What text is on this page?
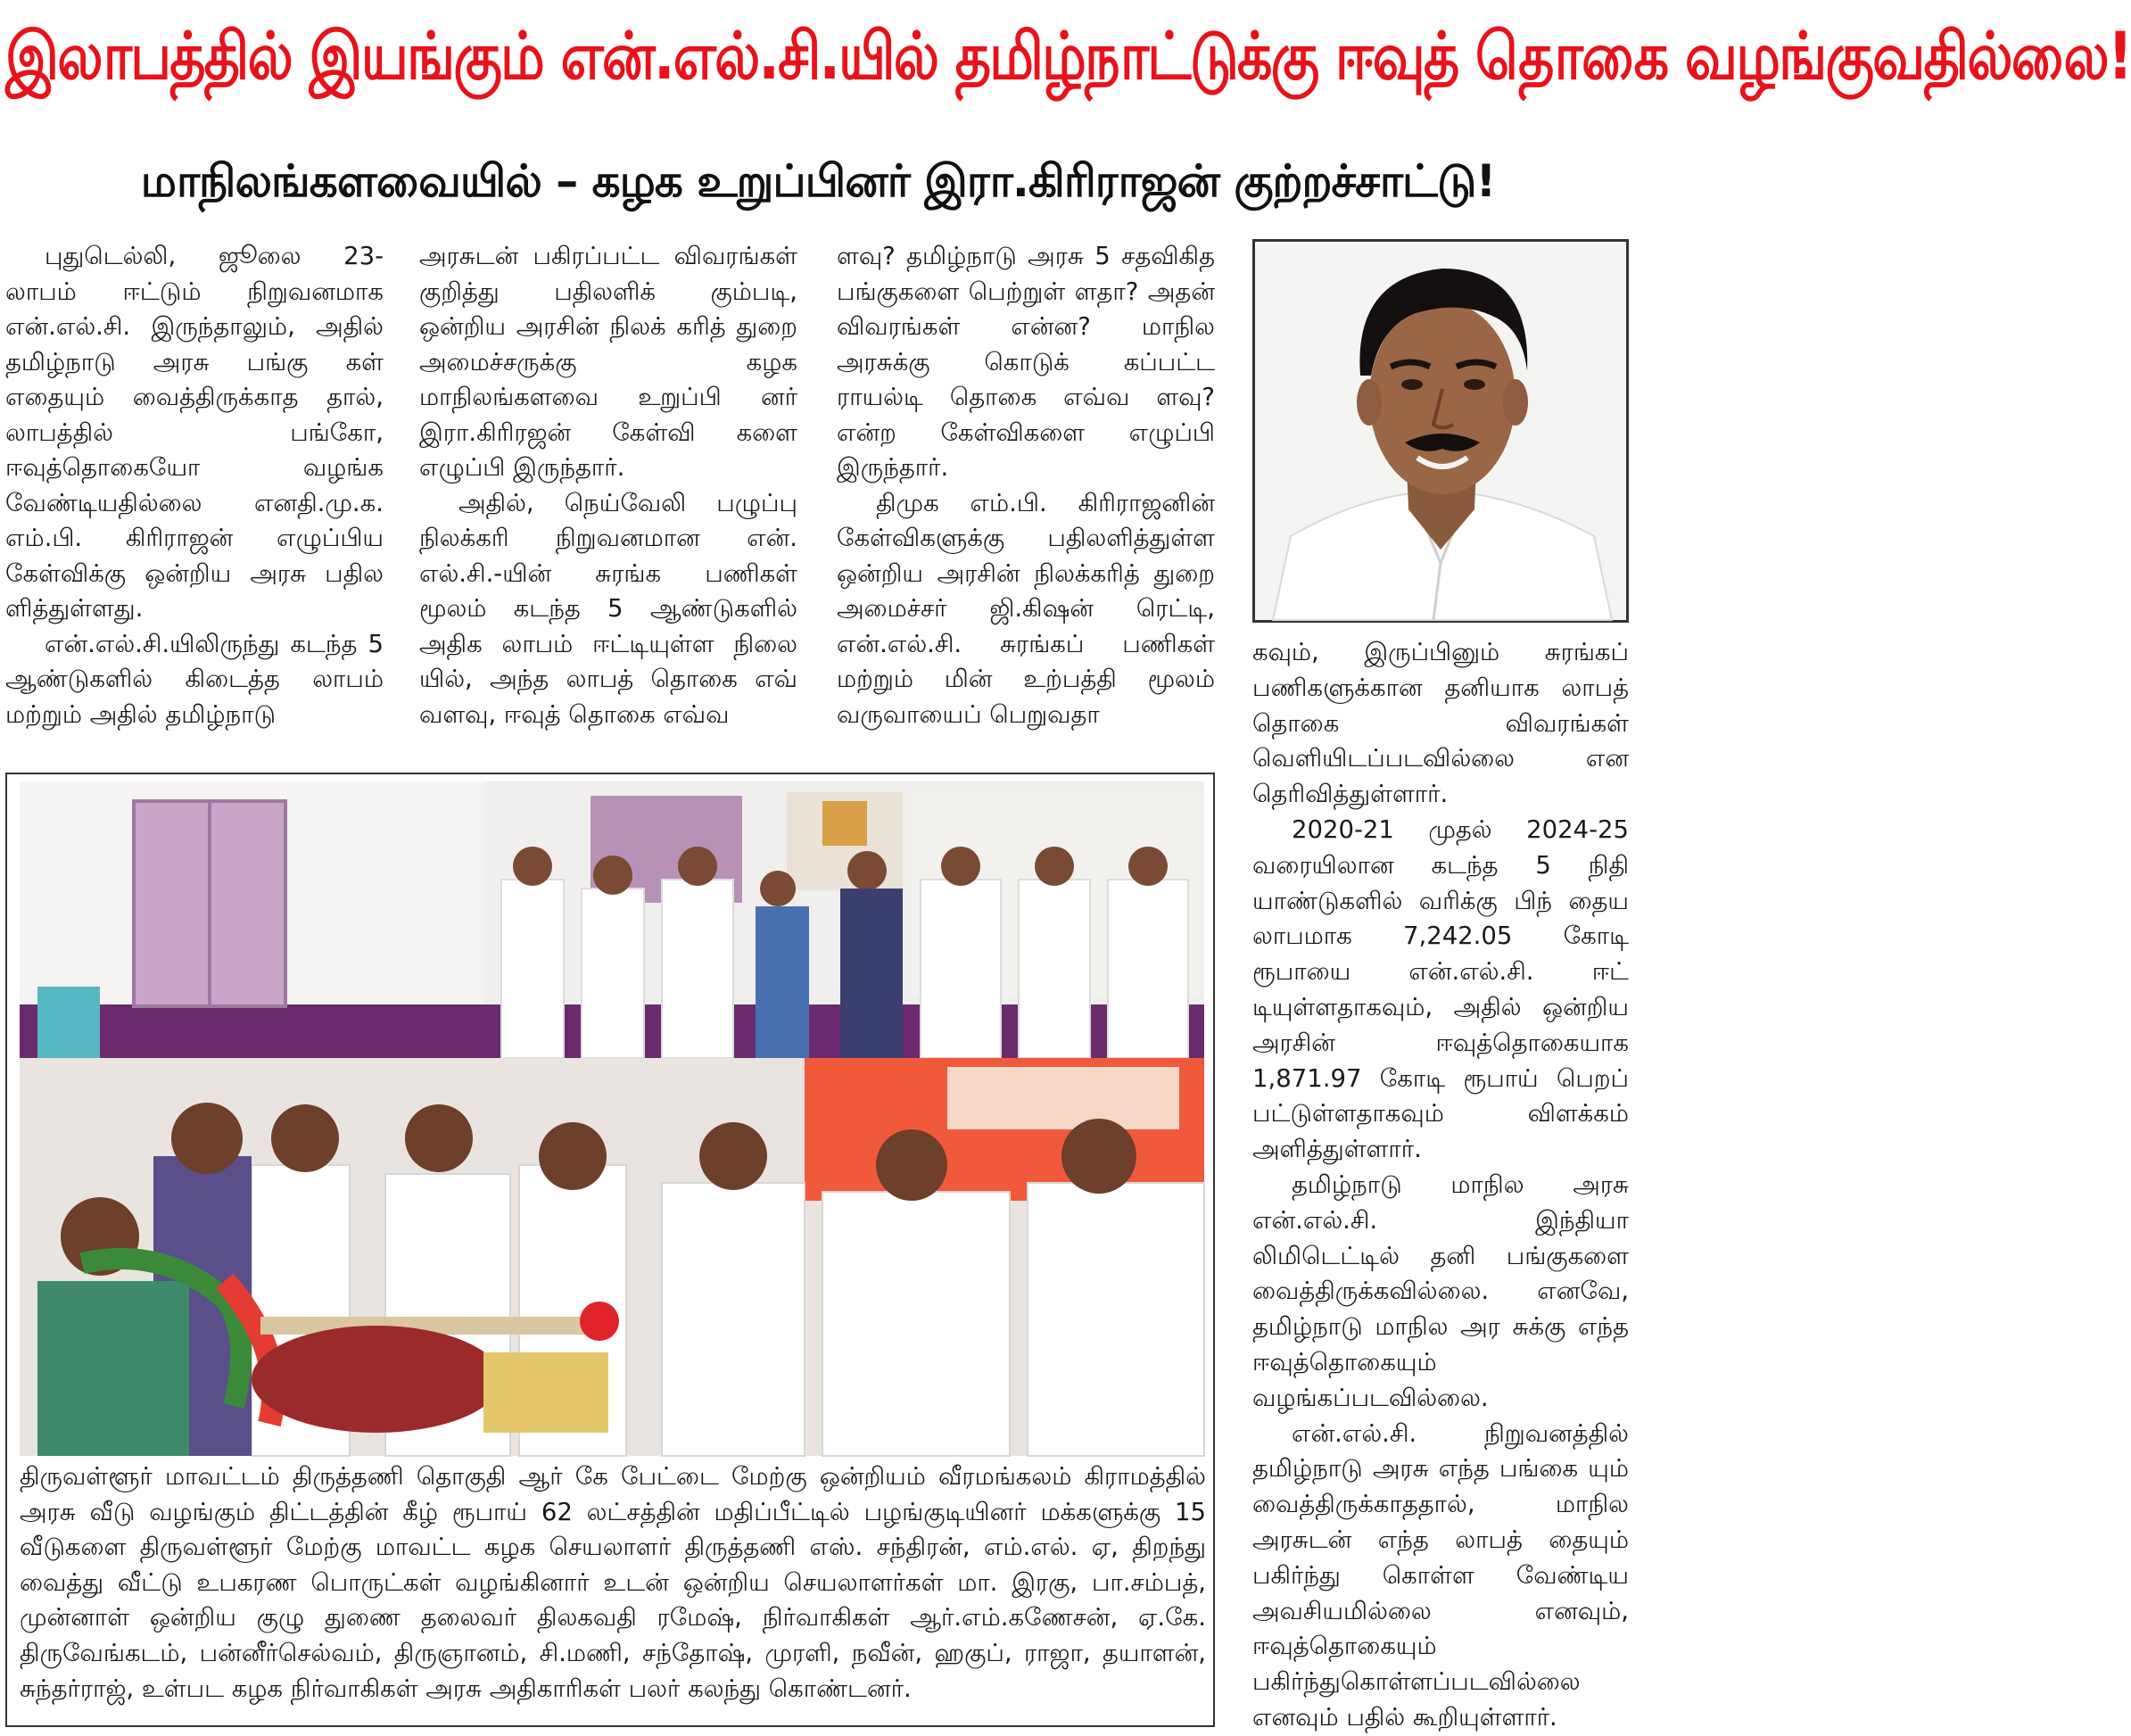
இலாபத்தில் இயங்கும் என்.எல்.சி.யில் தமிழ்நாட்டுக்கு ஈவுத் தொகை வழங்குவதில்லை!
மாநிலங்களவையில் – கழக உறுப்பினர் இரா.கிரிராஜன் குற்றச்சாட்டு!

புதுடெல்லி, ஜூலை 23- லாபம் ஈட்டும் நிறுவனமாக என்.எல்.சி. இருந்தாலும், அதில் தமிழ்நாடு அரசு பங்கு கள் எதையும் வைத்திருக்காத தால், லாபத்தில் பங்கோ, ஈவுத்தொகையோ வழங்க வேண்டியதில்லை எனதி.மு.க. எம்.பி. கிரிராஜன் எழுப்பிய கேள்விக்கு ஒன்றிய அரசு பதில ளித்துள்ளது.

என்.எல்.சி.யிலிருந்து கடந்த 5 ஆண்டுகளில் கிடைத்த லாபம் மற்றும் அதில் தமிழ்நாடு

அரசுடன் பகிரப்பட்ட விவரங்கள் குறித்து பதிலளிக் கும்படி, ஒன்றிய அரசின் நிலக் கரித் துறை அமைச்சருக்கு கழக மாநிலங்களவை உறுப்பி னர் இரா.கிரிரஜன் கேள்வி களை எழுப்பி இருந்தார்.

அதில், நெய்வேலி பழுப்பு நிலக்கரி நிறுவனமான என். எல்.சி.-யின் சுரங்க பணிகள் மூலம் கடந்த 5 ஆண்டுகளில் அதிக லாபம் ஈட்டியுள்ள நிலை யில், அந்த லாபத் தொகை எவ் வளவு, ஈவுத் தொகை எவ்வ

ளவு? தமிழ்நாடு அரசு 5 சதவிகித பங்குகளை பெற்றுள் ளதா? அதன் விவரங்கள் என்ன? மாநில அரசுக்கு கொடுக் கப்பட்ட ராயல்டி தொகை எவ்வ ளவு? என்ற கேள்விகளை எழுப்பி இருந்தார்.

திமுக எம்.பி. கிரிராஜனின் கேள்விகளுக்கு பதிலளித்துள்ள ஒன்றிய அரசின் நிலக்கரித் துறை அமைச்சர் ஜி.கிஷன் ரெட்டி, என்.எல்.சி. சுரங்கப் பணிகள் மற்றும் மின் உற்பத்தி மூலம் வருவாயைப் பெறுவதா

கவும், இருப்பினும் சுரங்கப் பணிகளுக்கான தனியாக லாபத் தொகை விவரங்கள் வெளியிடப்படவில்லை என தெரிவித்துள்ளார்.

2020-21 முதல் 2024-25 வரையிலான கடந்த 5 நிதி யாண்டுகளில் வரிக்கு பிந் தைய லாபமாக 7,242.05 கோடி ரூபாயை என்.எல்.சி. ஈட் டியுள்ளதாகவும், அதில் ஒன்றிய அரசின் ஈவுத்தொகையாக 1,871.97 கோடி ரூபாய் பெறப் பட்டுள்ளதாகவும் விளக்கம் அளித்துள்ளார்.

தமிழ்நாடு மாநில அரசு என்.எல்.சி. இந்தியா லிமிடெட்டில் தனி பங்குகளை வைத்திருக்கவில்லை. எனவே, தமிழ்நாடு மாநில அர சுக்கு எந்த ஈவுத்தொகையும் வழங்கப்படவில்லை.

என்.எல்.சி. நிறுவனத்தில் தமிழ்நாடு அரசு எந்த பங்கை யும் வைத்திருக்காததால், மாநில அரசுடன் எந்த லாபத் தையும் பகிர்ந்து கொள்ள வேண்டிய அவசியமில்லை எனவும், ஈவுத்தொகையும் பகிர்ந்துகொள்ளப்படவில்லை எனவும் பதில் கூறியுள்ளார்.

திருவள்ளூர் மாவட்டம் திருத்தணி தொகுதி ஆர் கே பேட்டை மேற்கு ஒன்றியம் வீரமங்கலம் கிராமத்தில் அரசு வீடு வழங்கும் திட்டத்தின் கீழ் ரூபாய் 62 லட்சத்தின் மதிப்பீட்டில் பழங்குடியினர் மக்களுக்கு 15 வீடுகளை திருவள்ளூர் மேற்கு மாவட்ட கழக செயலாளர் திருத்தணி எஸ். சந்திரன், எம்.எல். ஏ, திறந்து வைத்து வீட்டு உபகரண பொருட்கள் வழங்கினார் உடன் ஒன்றிய செயலாளர்கள் மா. இரகு, பா.சம்பத், முன்னாள் ஒன்றிய குழு துணை தலைவர் திலகவதி ரமேஷ், நிர்வாகிகள் ஆர்.எம்.கணேசன், ஏ.கே. திருவேங்கடம், பன்னீர்செல்வம், திருஞானம், சி.மணி, சந்தோஷ், முரளி, நவீன், ஹகுப், ராஜா, தயாளன், சுந்தர்ராஜ், உள்பட கழக நிர்வாகிகள் அரசு அதிகாரிகள் பலர் கலந்து கொண்டனர்.
